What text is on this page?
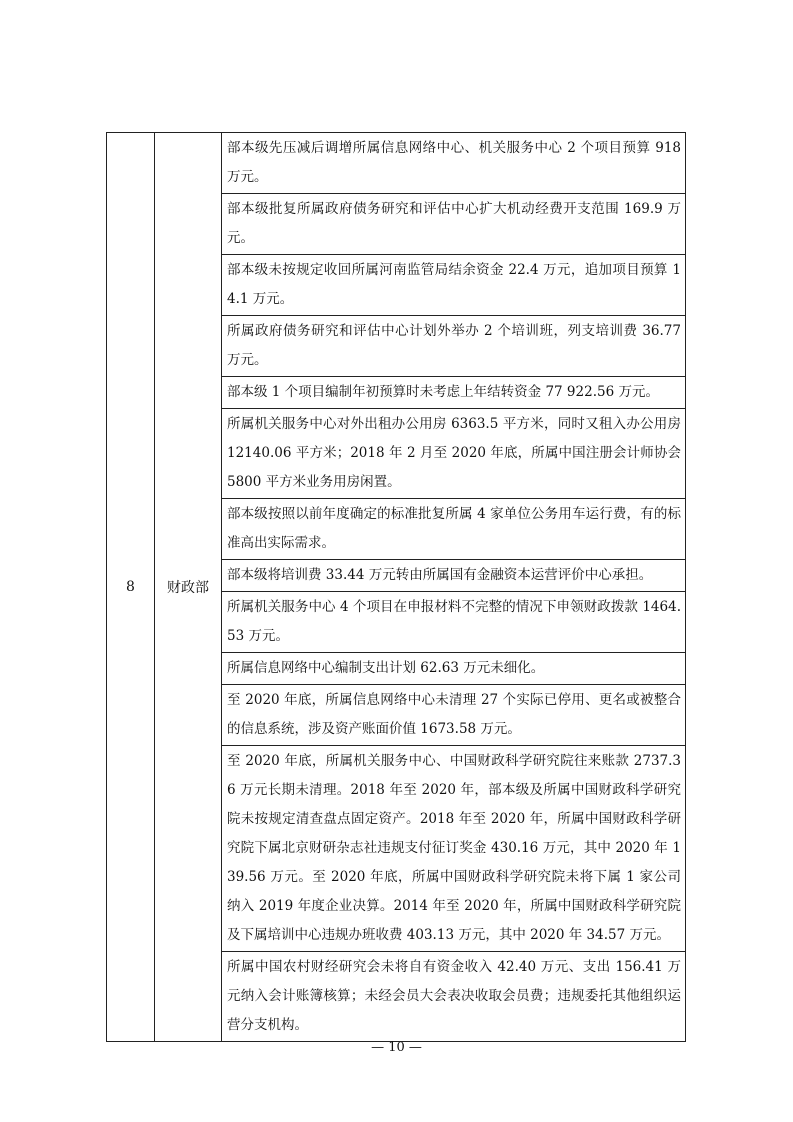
8	财政部	部本级先压减后调增所属信息网络中心、机关服务中心 2 个项目预算 918 万元。
部本级批复所属政府债务研究和评估中心扩大机动经费开支范围 169.9 万元。
部本级未按规定收回所属河南监管局结余资金 22.4 万元，追加项目预算 14.1 万元。
所属政府债务研究和评估中心计划外举办 2 个培训班，列支培训费 36.77 万元。
部本级 1 个项目编制年初预算时未考虑上年结转资金 77 922.56 万元。
所属机关服务中心对外出租办公用房 6363.5 平方米，同时又租入办公用房 12140.06 平方米；2018 年 2 月至 2020 年底，所属中国注册会计师协会 5800 平方米业务用房闲置。
部本级按照以前年度确定的标准批复所属 4 家单位公务用车运行费，有的标准高出实际需求。
部本级将培训费 33.44 万元转由所属国有金融资本运营评价中心承担。
所属机关服务中心 4 个项目在申报材料不完整的情况下申领财政拨款 1464.53 万元。
所属信息网络中心编制支出计划 62.63 万元未细化。
至 2020 年底，所属信息网络中心未清理 27 个实际已停用、更名或被整合的信息系统，涉及资产账面价值 1673.58 万元。
至 2020 年底，所属机关服务中心、中国财政科学研究院往来账款 2737.36 万元长期未清理。2018 年至 2020 年，部本级及所属中国财政科学研究院未按规定清查盘点固定资产。2018 年至 2020 年，所属中国财政科学研究院下属北京财研杂志社违规支付征订奖金 430.16 万元，其中 2020 年 139.56 万元。至 2020 年底，所属中国财政科学研究院未将下属 1 家公司纳入 2019 年度企业决算。2014 年至 2020 年，所属中国财政科学研究院及下属培训中心违规办班收费 403.13 万元，其中 2020 年 34.57 万元。
所属中国农村财经研究会未将自有资金收入 42.40 万元、支出 156.41 万元纳入会计账簿核算；未经会员大会表决收取会员费；违规委托其他组织运营分支机构。
— 10 —
